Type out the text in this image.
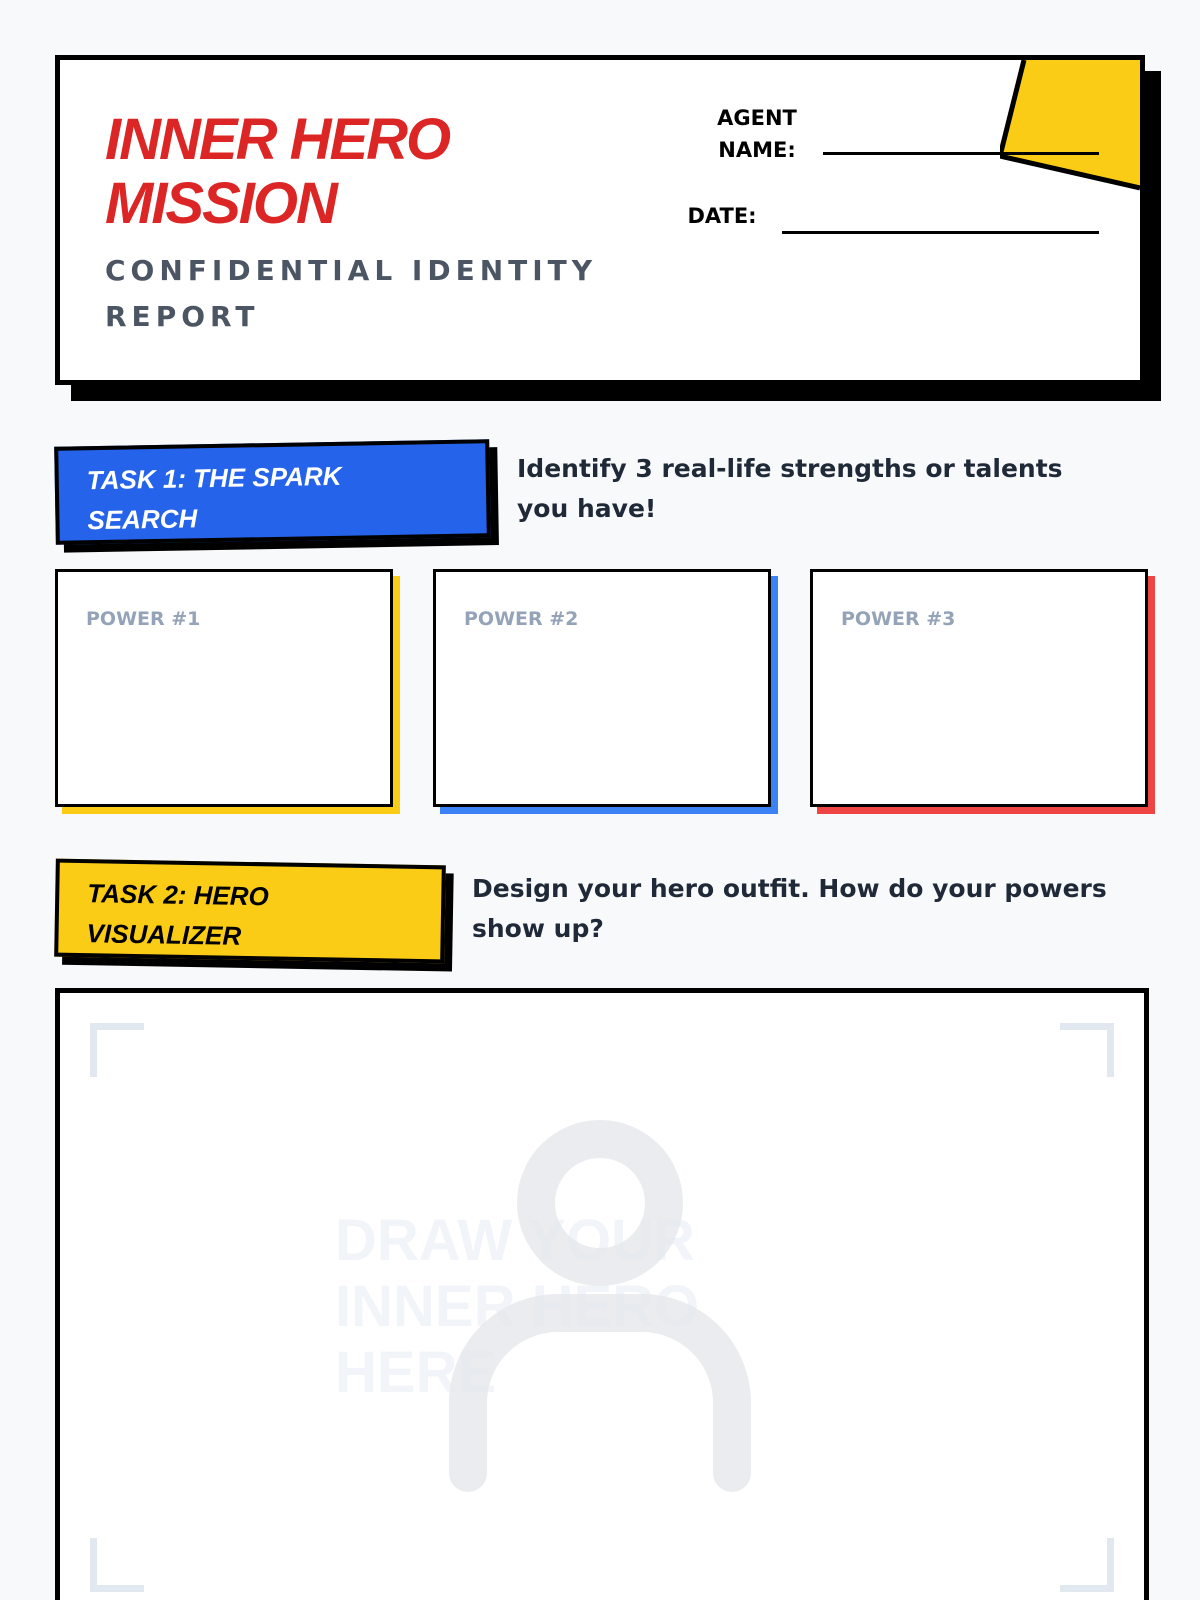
INNER HERO MISSION
CONFIDENTIAL IDENTITY REPORT
AGENT
NAME:
DATE:
TASK 1: THE SPARK
SEARCH
Identify 3 real-life strengths or talents you have!
POWER #1	POWER #2	POWER #3
TASK 2: HERO
VISUALIZER
Design your hero outfit. How do your powers show up?
DRAW YOUR INNER HERO HERE
